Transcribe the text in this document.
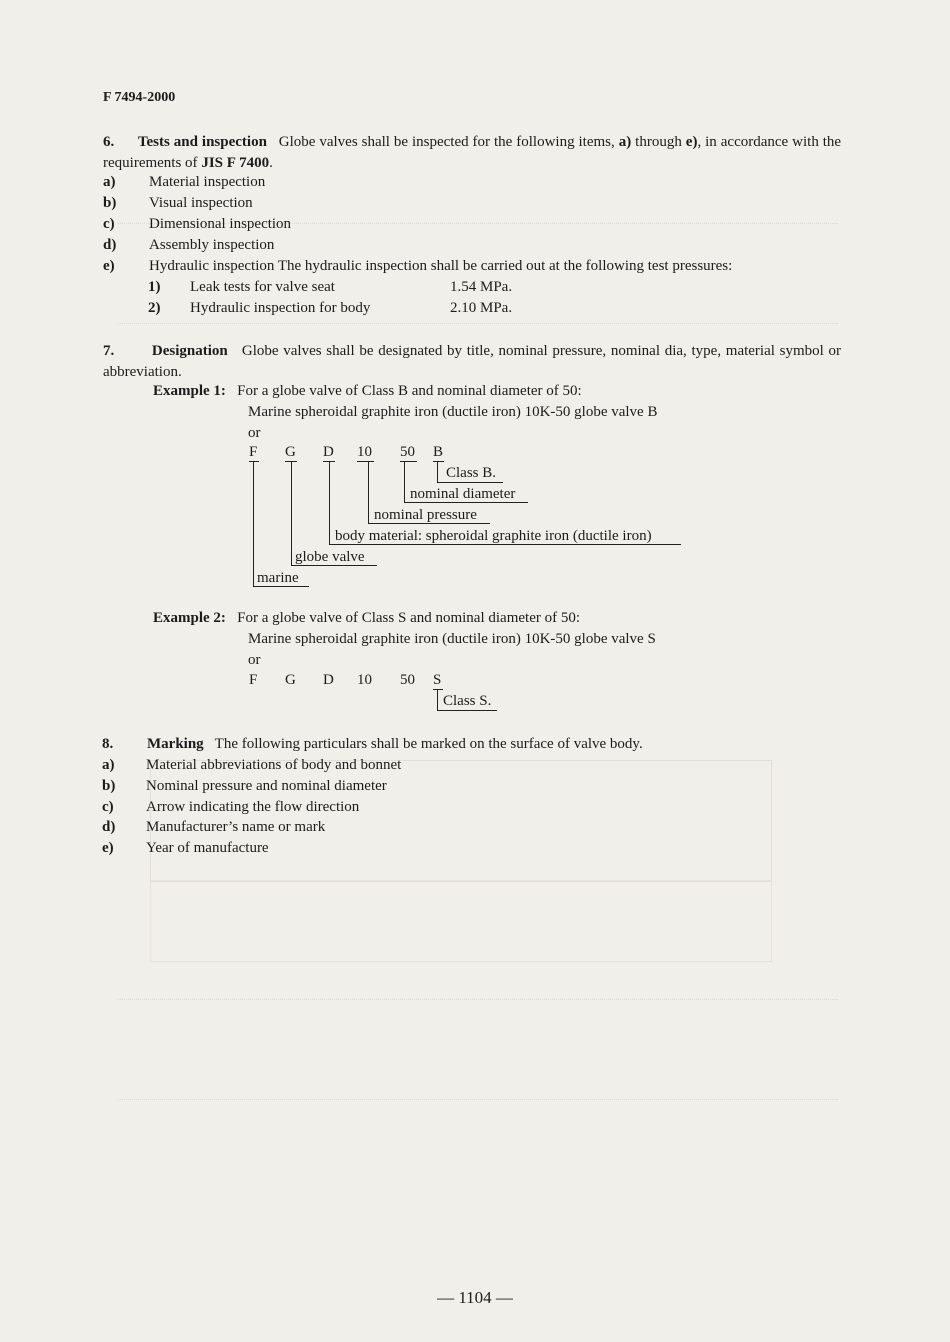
F 7494-2000
6. Tests and inspection Globe valves shall be inspected for the following items, a) through e), in accordance with the requirements of JIS F 7400.
a) Material inspection
b) Visual inspection
c) Dimensional inspection
d) Assembly inspection
e) Hydraulic inspection The hydraulic inspection shall be carried out at the following test pressures:
1) Leak tests for valve seat	1.54 MPa.
2) Hydraulic inspection for body	2.10 MPa.
7.	Designation Globe valves shall be designated by title, nominal pressure, nominal dia, type, material symbol or abbreviation.
Example 1: For a globe valve of Class B and nominal diameter of 50:
Marine spheroidal graphite iron (ductile iron) 10K-50 globe valve B
or
F G D 10 50 B
Class B.
nominal diameter
nominal pressure
body material: spheroidal graphite iron (ductile iron)
globe valve
marine
Example 2: For a globe valve of Class S and nominal diameter of 50:
Marine spheroidal graphite iron (ductile iron) 10K-50 globe valve S
or
F G D 10 50 S
Class S.
8. Marking The following particulars shall be marked on the surface of valve body.
a) Material abbreviations of body and bonnet
b) Nominal pressure and nominal diameter
c) Arrow indicating the flow direction
d) Manufacturer’s name or mark
e) Year of manufacture
— 1104 —
